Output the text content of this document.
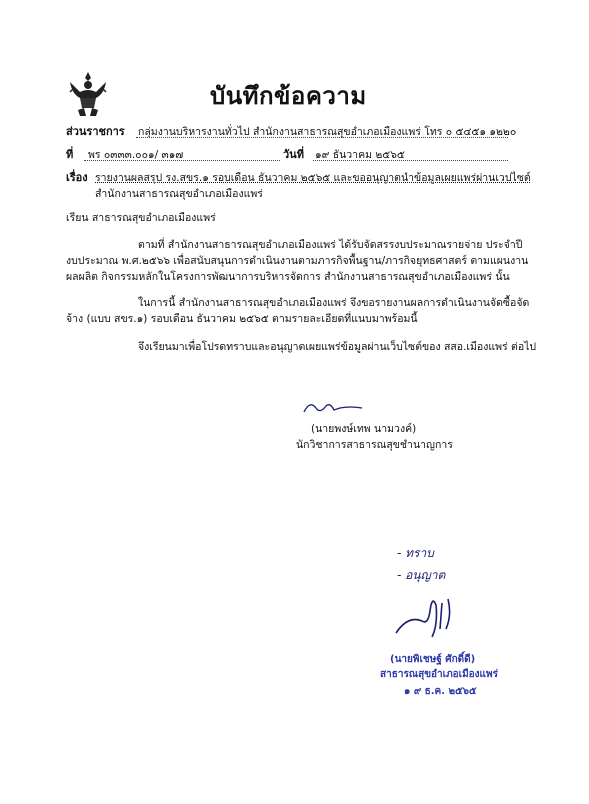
บันทึกข้อความ
ส่วนราชการ กลุ่มงานบริหารงานทั่วไป สำนักงานสาธารณสุขอำเภอเมืองแพร่ โทร ๐ ๕๔๕๑ ๑๒๒๐
ที่ พร ๐๓๓๓.๐๐๑/ ๓๑๗	วันที่ ๑๙ ธันวาคม ๒๕๖๕
เรื่อง รายงานผลสรุป รง.สขร.๑ รอบเดือน ธันวาคม ๒๕๖๕ และขออนุญาตนำข้อมูลเผยแพร่ผ่านเวปไซต์
สำนักงานสาธารณสุขอำเภอเมืองแพร่
เรียน สาธารณสุขอำเภอเมืองแพร่
ตามที่ สำนักงานสาธารณสุขอำเภอเมืองแพร่ ได้รับจัดสรรงบประมาณรายจ่าย ประจำปี
งบประมาณ พ.ศ.๒๕๖๖ เพื่อสนับสนุนการดำเนินงานตามภารกิจพื้นฐาน/ภารกิจยุทธศาสตร์ ตามแผนงาน
ผลผลิต กิจกรรมหลักในโครงการพัฒนาการบริหารจัดการ สำนักงานสาธารณสุขอำเภอเมืองแพร่ นั้น
ในการนี้ สำนักงานสาธารณสุขอำเภอเมืองแพร่ จึงขอรายงานผลการดำเนินงานจัดซื้อจัด
จ้าง (แบบ สขร.๑) รอบเดือน ธันวาคม ๒๕๖๕ ตามรายละเอียดที่แนบมาพร้อมนี้
จึงเรียนมาเพื่อโปรดทราบและอนุญาตเผยแพร่ข้อมูลผ่านเว็บไซต์ของ สสอ.เมืองแพร่ ต่อไป
(นายพงษ์เทพ นามวงค์)
นักวิชาการสาธารณสุขชำนาญการ
- ทราบ
- อนุญาต
(นายพิเชษฐ์ ศักดิ์ดี)
สาธารณสุขอำเภอเมืองแพร่
๑ ๙ ธ.ค. ๒๕๖๕
